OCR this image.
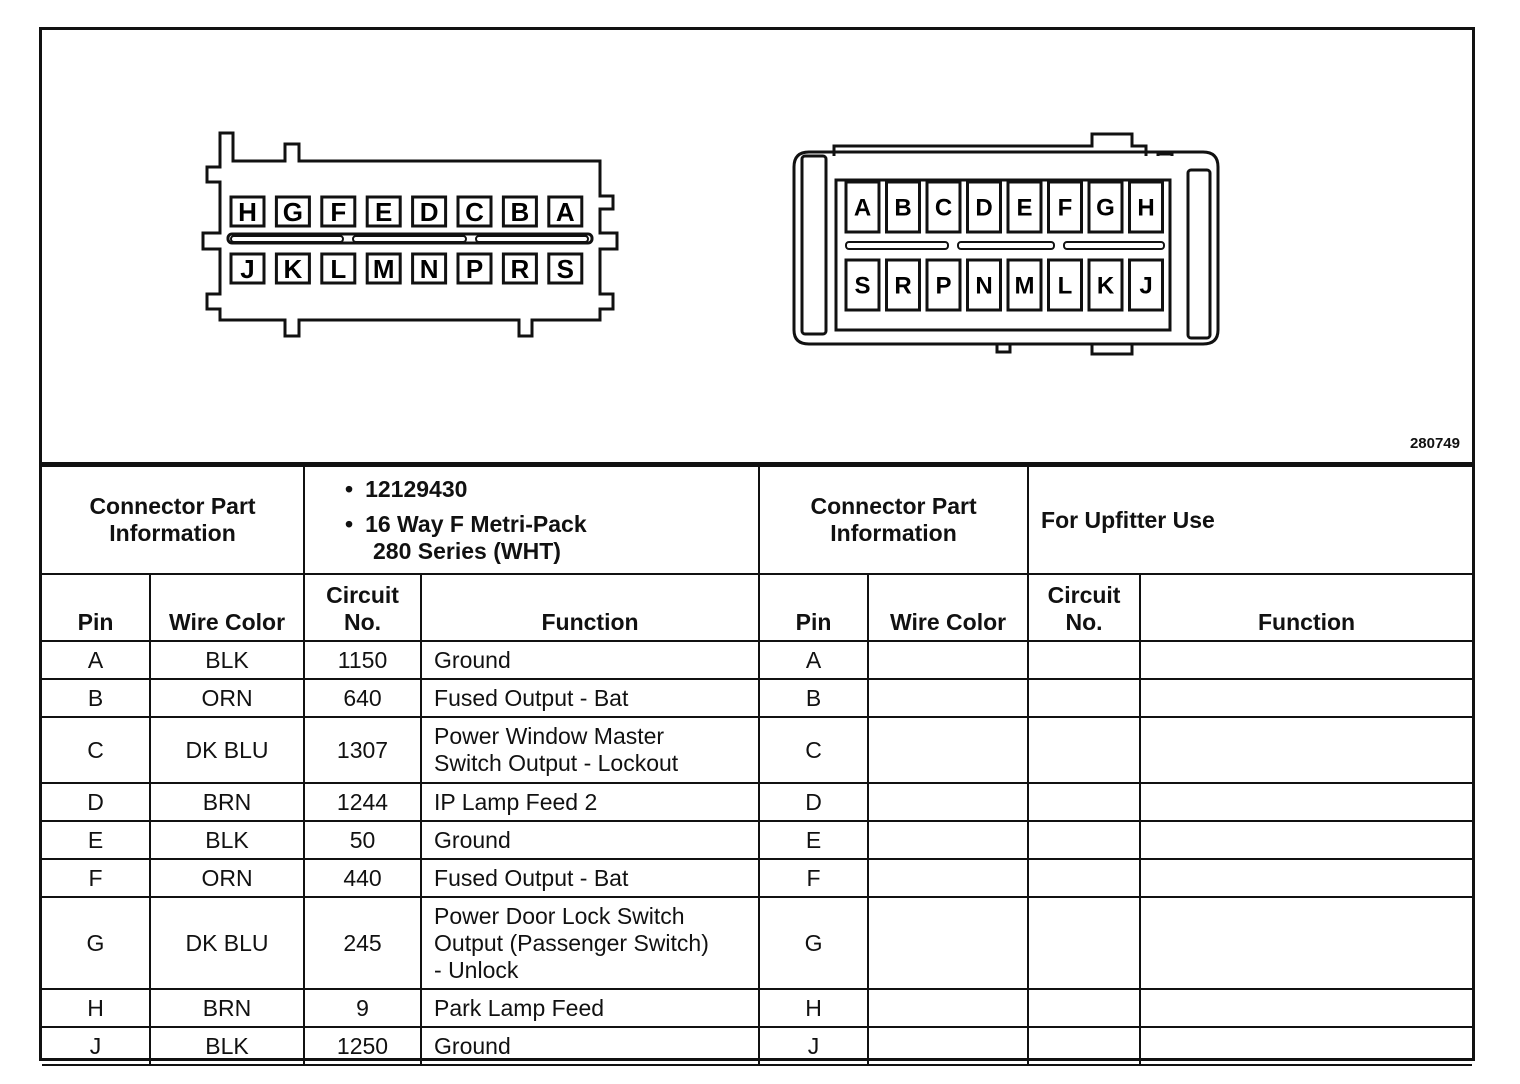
H G F E D C B A
J K L M N P R S
A B C D E F G H
S R P N M L K J
280749
Connector Part
Information		• 12129430
• 16 Way F Metri-Pack
280 Series (WHT)		Connector Part
Information		For Upfitter Use	
Pin	Wire Color	Circuit
No.	Function	Pin	Wire Color	Circuit
No.	Function
A	BLK	1150	Ground	A			
B	ORN	640	Fused Output - Bat	B			
C	DK BLU	1307	Power Window Master
Switch Output - Lockout	C			
D	BRN	1244	IP Lamp Feed 2	D			
E	BLK	50	Ground	E			
F	ORN	440	Fused Output - Bat	F			
G	DK BLU	245	Power Door Lock Switch
Output (Passenger Switch)
- Unlock	G			
H	BRN	9	Park Lamp Feed	H			
J	BLK	1250	Ground	J			
